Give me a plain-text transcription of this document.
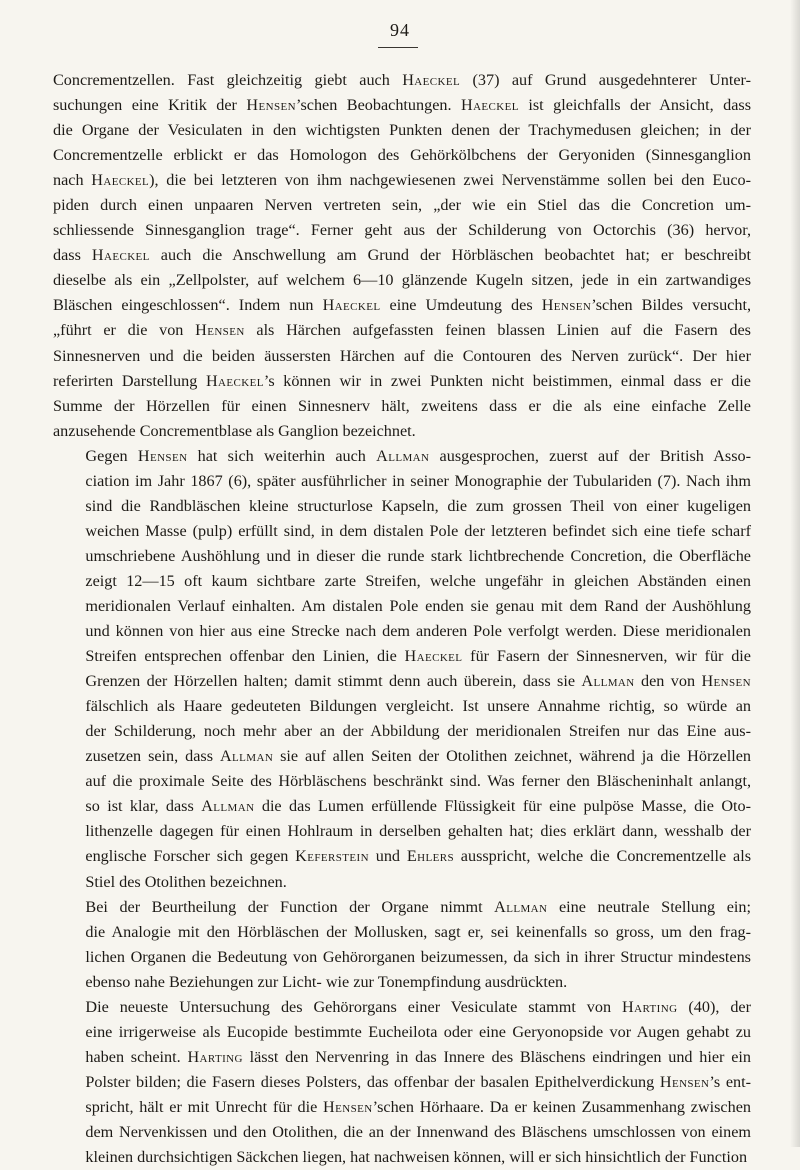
94
Concrementzellen. Fast gleichzeitig giebt auch Haeckel (37) auf Grund ausgedehnterer Unter-
suchungen eine Kritik der Hensen’schen Beobachtungen. Haeckel ist gleichfalls der Ansicht, dass
die Organe der Vesiculaten in den wichtigsten Punkten denen der Trachymedusen gleichen; in der
Concrementzelle erblickt er das Homologon des Gehörkölbchens der Geryoniden (Sinnesganglion
nach Haeckel), die bei letzteren von ihm nachgewiesenen zwei Nervenstämme sollen bei den Euco-
piden durch einen unpaaren Nerven vertreten sein, „der wie ein Stiel das die Concretion um-
schliessende Sinnesganglion trage“. Ferner geht aus der Schilderung von Octorchis (36) hervor,
dass Haeckel auch die Anschwellung am Grund der Hörbläschen beobachtet hat; er beschreibt
dieselbe als ein „Zellpolster, auf welchem 6—10 glänzende Kugeln sitzen, jede in ein zartwandiges
Bläschen eingeschlossen“. Indem nun Haeckel eine Umdeutung des Hensen’schen Bildes versucht,
„führt er die von Hensen als Härchen aufgefassten feinen blassen Linien auf die Fasern des
Sinnesnerven und die beiden äussersten Härchen auf die Contouren des Nerven zurück“. Der hier
referirten Darstellung Haeckel’s können wir in zwei Punkten nicht beistimmen, einmal dass er die
Summe der Hörzellen für einen Sinnesnerv hält, zweitens dass er die als eine einfache Zelle
anzusehende Concrementblase als Ganglion bezeichnet.
Gegen Hensen hat sich weiterhin auch Allman ausgesprochen, zuerst auf der British Asso-
ciation im Jahr 1867 (6), später ausführlicher in seiner Monographie der Tubulariden (7). Nach ihm
sind die Randbläschen kleine structurlose Kapseln, die zum grossen Theil von einer kugeligen
weichen Masse (pulp) erfüllt sind, in dem distalen Pole der letzteren befindet sich eine tiefe scharf
umschriebene Aushöhlung und in dieser die runde stark lichtbrechende Concretion, die Oberfläche
zeigt 12—15 oft kaum sichtbare zarte Streifen, welche ungefähr in gleichen Abständen einen
meridionalen Verlauf einhalten. Am distalen Pole enden sie genau mit dem Rand der Aushöhlung
und können von hier aus eine Strecke nach dem anderen Pole verfolgt werden. Diese meridionalen
Streifen entsprechen offenbar den Linien, die Haeckel für Fasern der Sinnesnerven, wir für die
Grenzen der Hörzellen halten; damit stimmt denn auch überein, dass sie Allman den von Hensen
fälschlich als Haare gedeuteten Bildungen vergleicht. Ist unsere Annahme richtig, so würde an
der Schilderung, noch mehr aber an der Abbildung der meridionalen Streifen nur das Eine aus-
zusetzen sein, dass Allman sie auf allen Seiten der Otolithen zeichnet, während ja die Hörzellen
auf die proximale Seite des Hörbläschens beschränkt sind. Was ferner den Bläscheninhalt anlangt,
so ist klar, dass Allman die das Lumen erfüllende Flüssigkeit für eine pulpöse Masse, die Oto-
lithenzelle dagegen für einen Hohlraum in derselben gehalten hat; dies erklärt dann, wesshalb der
englische Forscher sich gegen Keferstein und Ehlers ausspricht, welche die Concrementzelle als
Stiel des Otolithen bezeichnen.
Bei der Beurtheilung der Function der Organe nimmt Allman eine neutrale Stellung ein;
die Analogie mit den Hörbläschen der Mollusken, sagt er, sei keinenfalls so gross, um den frag-
lichen Organen die Bedeutung von Gehörorganen beizumessen, da sich in ihrer Structur mindestens
ebenso nahe Beziehungen zur Licht- wie zur Tonempfindung ausdrückten.
Die neueste Untersuchung des Gehörorgans einer Vesiculate stammt von Harting (40), der
eine irrigerweise als Eucopide bestimmte Eucheilota oder eine Geryonopside vor Augen gehabt zu
haben scheint. Harting lässt den Nervenring in das Innere des Bläschens eindringen und hier ein
Polster bilden; die Fasern dieses Polsters, das offenbar der basalen Epithelverdickung Hensen’s ent-
spricht, hält er mit Unrecht für die Hensen’schen Hörhaare. Da er keinen Zusammenhang zwischen
dem Nervenkissen und den Otolithen, die an der Innenwand des Bläschens umschlossen von einem
kleinen durchsichtigen Säckchen liegen, hat nachweisen können, will er sich hinsichtlich der Function
